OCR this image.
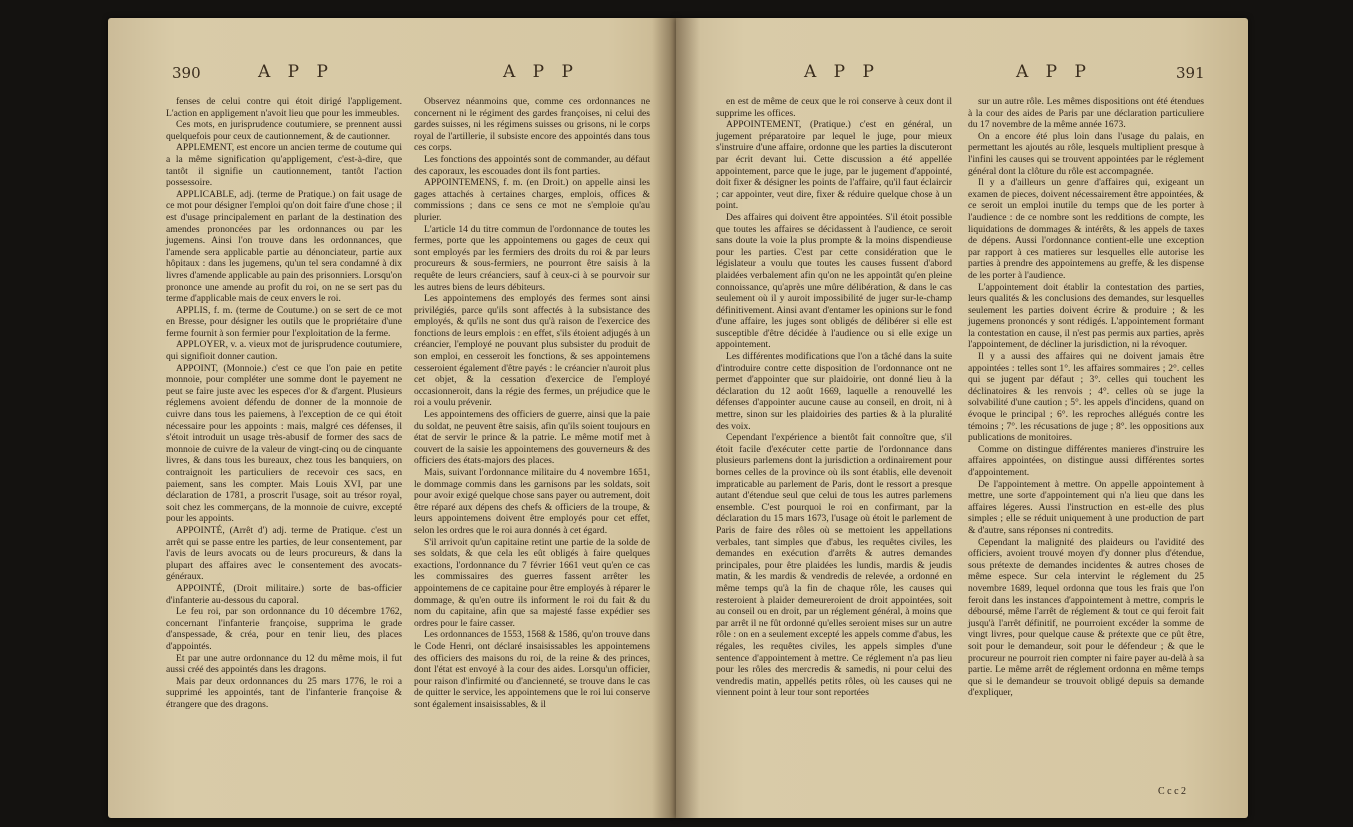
390	A P P	A P P

fenses de celui contre qui étoit dirigé l'appligement. L'action en appligement n'avoit lieu que pour les immeubles.

Ces mots, en jurisprudence coutumiere, se prennent aussi quelquefois pour ceux de cautionnement, & de cautionner.

APPLEMENT, est encore un ancien terme de coutume qui a la même signification qu'appligement, c'est-à-dire, que tantôt il signifie un cautionnement, tantôt l'action possessoire.

APPLICABLE, adj. (terme de Pratique.) on fait usage de ce mot pour désigner l'emploi qu'on doit faire d'une chose ; il est d'usage principalement en parlant de la destination des amendes prononcées par les ordonnances ou par les jugemens. Ainsi l'on trouve dans les ordonnances, que l'amende sera applicable partie au dénonciateur, partie aux hôpitaux : dans les jugemens, qu'un tel sera condamné à dix livres d'amende applicable au pain des prisonniers. Lorsqu'on prononce une amende au profit du roi, on ne se sert pas du terme d'applicable mais de ceux envers le roi.

APPLIS, f. m. (terme de Coutume.) on se sert de ce mot en Bresse, pour désigner les outils que le propriétaire d'une ferme fournit à son fermier pour l'exploitation de la ferme.

APPLOYER, v. a. vieux mot de jurisprudence coutumiere, qui signifioit donner caution.

APPOINT, (Monnoie.) c'est ce que l'on paie en petite monnoie, pour compléter une somme dont le payement ne peut se faire juste avec les especes d'or & d'argent. Plusieurs réglemens avoient défendu de donner de la monnoie de cuivre dans tous les paiemens, à l'exception de ce qui étoit nécessaire pour les appoints : mais, malgré ces défenses, il s'étoit introduit un usage très-abusif de former des sacs de monnoie de cuivre de la valeur de vingt-cinq ou de cinquante livres, & dans tous les bureaux, chez tous les banquiers, on contraignoit les particuliers de recevoir ces sacs, en paiement, sans les compter. Mais Louis XVI, par une déclaration de 1781, a proscrit l'usage, soit au trésor royal, soit chez les commerçans, de la monnoie de cuivre, excepté pour les appoints.

APPOINTÉ, (Arrêt d') adj. terme de Pratique. c'est un arrêt qui se passe entre les parties, de leur consentement, par l'avis de leurs avocats ou de leurs procureurs, & dans la plupart des affaires avec le consentement des avocats-généraux.

APPOINTÉ, (Droit militaire.) sorte de bas-officier d'infanterie au-dessous du caporal.

Le feu roi, par son ordonnance du 10 décembre 1762, concernant l'infanterie françoise, supprima le grade d'anspessade, & créa, pour en tenir lieu, des places d'appointés.

Et par une autre ordonnance du 12 du même mois, il fut aussi créé des appointés dans les dragons.

Mais par deux ordonnances du 25 mars 1776, le roi a supprimé les appointés, tant de l'infanterie françoise & étrangere que des dragons.

Observez néanmoins que, comme ces ordonnances ne concernent ni le régiment des gardes françoises, ni celui des gardes suisses, ni les régimens suisses ou grisons, ni le corps royal de l'artillerie, il subsiste encore des appointés dans tous ces corps.

Les fonctions des appointés sont de commander, au défaut des caporaux, les escouades dont ils font parties.

APPOINTEMENS, f. m. (en Droit.) on appelle ainsi les gages attachés à certaines charges, emplois, offices & commissions ; dans ce sens ce mot ne s'emploie qu'au plurier.

L'article 14 du titre commun de l'ordonnance de toutes les fermes, porte que les appointemens ou gages de ceux qui sont employés par les fermiers des droits du roi & par leurs procureurs & sous-fermiers, ne pourront être saisis à la requête de leurs créanciers, sauf à ceux-ci à se pourvoir sur les autres biens de leurs débiteurs.

Les appointemens des employés des fermes sont ainsi privilégiés, parce qu'ils sont affectés à la subsistance des employés, & qu'ils ne sont dus qu'à raison de l'exercice des fonctions de leurs emplois : en effet, s'ils étoient adjugés à un créancier, l'employé ne pouvant plus subsister du produit de son emploi, en cesseroit les fonctions, & ses appointemens cesseroient également d'être payés : le créancier n'auroit plus cet objet, & la cessation d'exercice de l'employé occasionneroit, dans la régie des fermes, un préjudice que le roi a voulu prévenir.

Les appointemens des officiers de guerre, ainsi que la paie du soldat, ne peuvent être saisis, afin qu'ils soient toujours en état de servir le prince & la patrie. Le même motif met à couvert de la saisie les appointemens des gouverneurs & des officiers des états-majors des places.

Mais, suivant l'ordonnance militaire du 4 novembre 1651, le dommage commis dans les garnisons par les soldats, soit pour avoir exigé quelque chose sans payer ou autrement, doit être réparé aux dépens des chefs & officiers de la troupe, & leurs appointemens doivent être employés pour cet effet, selon les ordres que le roi aura donnés à cet égard.

S'il arrivoit qu'un capitaine retint une partie de la solde de ses soldats, & que cela les eût obligés à faire quelques exactions, l'ordonnance du 7 février 1661 veut qu'en ce cas les commissaires des guerres fassent arrêter les appointemens de ce capitaine pour être employés à réparer le dommage, & qu'en outre ils informent le roi du fait & du nom du capitaine, afin que sa majesté fasse expédier ses ordres pour le faire casser.

Les ordonnances de 1553, 1568 & 1586, qu'on trouve dans le Code Henri, ont déclaré insaisissables les appointemens des officiers des maisons du roi, de la reine & des princes, dont l'état est envoyé à la cour des aides. Lorsqu'un officier, pour raison d'infirmité ou d'ancienneté, se trouve dans le cas de quitter le service, les appointemens que le roi lui conserve sont également insaisissables, & il

A P P	A P P	391

en est de même de ceux que le roi conserve à ceux dont il supprime les offices.

APPOINTEMENT, (Pratique.) c'est en général, un jugement préparatoire par lequel le juge, pour mieux s'instruire d'une affaire, ordonne que les parties la discuteront par écrit devant lui. Cette discussion a été appellée appointement, parce que le juge, par le jugement d'appointé, doit fixer & désigner les points de l'affaire, qu'il faut éclaircir ; car appointer, veut dire, fixer & réduire quelque chose à un point.

Des affaires qui doivent être appointées. S'il étoit possible que toutes les affaires se décidassent à l'audience, ce seroit sans doute la voie la plus prompte & la moins dispendieuse pour les parties. C'est par cette considération que le législateur a voulu que toutes les causes fussent d'abord plaidées verbalement afin qu'on ne les appointât qu'en pleine connoissance, qu'après une mûre délibération, & dans le cas seulement où il y auroit impossibilité de juger sur-le-champ définitivement. Ainsi avant d'entamer les opinions sur le fond d'une affaire, les juges sont obligés de délibérer si elle est susceptible d'être décidée à l'audience ou si elle exige un appointement.

Les différentes modifications que l'on a tâché dans la suite d'introduire contre cette disposition de l'ordonnance ont ne permet d'appointer que sur plaidoirie, ont donné lieu à la déclaration du 12 août 1669, laquelle a renouvellé les défenses d'appointer aucune cause au conseil, en droit, ni à mettre, sinon sur les plaidoiries des parties & à la pluralité des voix.

Cependant l'expérience a bientôt fait connoître que, s'il étoit facile d'exécuter cette partie de l'ordonnance dans plusieurs parlemens dont la jurisdiction a ordinairement pour bornes celles de la province où ils sont établis, elle devenoit impraticable au parlement de Paris, dont le ressort a presque autant d'étendue seul que celui de tous les autres parlemens ensemble. C'est pourquoi le roi en confirmant, par la déclaration du 15 mars 1673, l'usage où étoit le parlement de Paris de faire des rôles où se mettoient les appellations verbales, tant simples que d'abus, les requêtes civiles, les demandes en exécution d'arrêts & autres demandes principales, pour être plaidées les lundis, mardis & jeudis matin, & les mardis & vendredis de relevée, a ordonné en même temps qu'à la fin de chaque rôle, les causes qui resteroient à plaider demeureroient de droit appointées, soit au conseil ou en droit, par un réglement général, à moins que par arrêt il ne fût ordonné qu'elles seroient mises sur un autre rôle : on en a seulement excepté les appels comme d'abus, les régales, les requêtes civiles, les appels simples d'une sentence d'appointement à mettre. Ce réglement n'a pas lieu pour les rôles des mercredis & samedis, ni pour celui des vendredis matin, appellés petits rôles, où les causes qui ne viennent point à leur tour sont reportées

sur un autre rôle. Les mêmes dispositions ont été étendues à la cour des aides de Paris par une déclaration particuliere du 17 novembre de la même année 1673.

On a encore été plus loin dans l'usage du palais, en permettant les ajoutés au rôle, lesquels multiplient presque à l'infini les causes qui se trouvent appointées par le réglement général dont la clôture du rôle est accompagnée.

Il y a d'ailleurs un genre d'affaires qui, exigeant un examen de pieces, doivent nécessairement être appointées, & ce seroit un emploi inutile du temps que de les porter à l'audience : de ce nombre sont les redditions de compte, les liquidations de dommages & intérêts, & les appels de taxes de dépens. Aussi l'ordonnance contient-elle une exception par rapport à ces matieres sur lesquelles elle autorise les parties à prendre des appointemens au greffe, & les dispense de les porter à l'audience.

L'appointement doit établir la contestation des parties, leurs qualités & les conclusions des demandes, sur lesquelles seulement les parties doivent écrire & produire ; & les jugemens prononcés y sont rédigés. L'appointement formant la contestation en cause, il n'est pas permis aux parties, après l'appointement, de décliner la jurisdiction, ni la révoquer.

Il y a aussi des affaires qui ne doivent jamais être appointées : telles sont 1°. les affaires sommaires ; 2°. celles qui se jugent par défaut ; 3°. celles qui touchent les déclinatoires & les renvois ; 4°. celles où se juge la solvabilité d'une caution ; 5°. les appels d'incidens, quand on évoque le principal ; 6°. les reproches allégués contre les témoins ; 7°. les récusations de juge ; 8°. les oppositions aux publications de monitoires.

Comme on distingue différentes manieres d'instruire les affaires appointées, on distingue aussi différentes sortes d'appointement.

De l'appointement à mettre. On appelle appointement à mettre, une sorte d'appointement qui n'a lieu que dans les affaires légeres. Aussi l'instruction en est-elle des plus simples ; elle se réduit uniquement à une production de part & d'autre, sans réponses ni contredits.

Cependant la malignité des plaideurs ou l'avidité des officiers, avoient trouvé moyen d'y donner plus d'étendue, sous prétexte de demandes incidentes & autres choses de même espece. Sur cela intervint le réglement du 25 novembre 1689, lequel ordonna que tous les frais que l'on feroit dans les instances d'appointement à mettre, compris le déboursé, même l'arrêt de réglement & tout ce qui feroit fait jusqu'à l'arrêt définitif, ne pourroient excéder la somme de vingt livres, pour quelque cause & prétexte que ce pût être, soit pour le demandeur, soit pour le défendeur ; & que le procureur ne pourroit rien compter ni faire payer au-delà à sa partie. Le même arrêt de réglement ordonna en même temps que si le demandeur se trouvoit obligé depuis sa demande d'expliquer,

C c c 2
